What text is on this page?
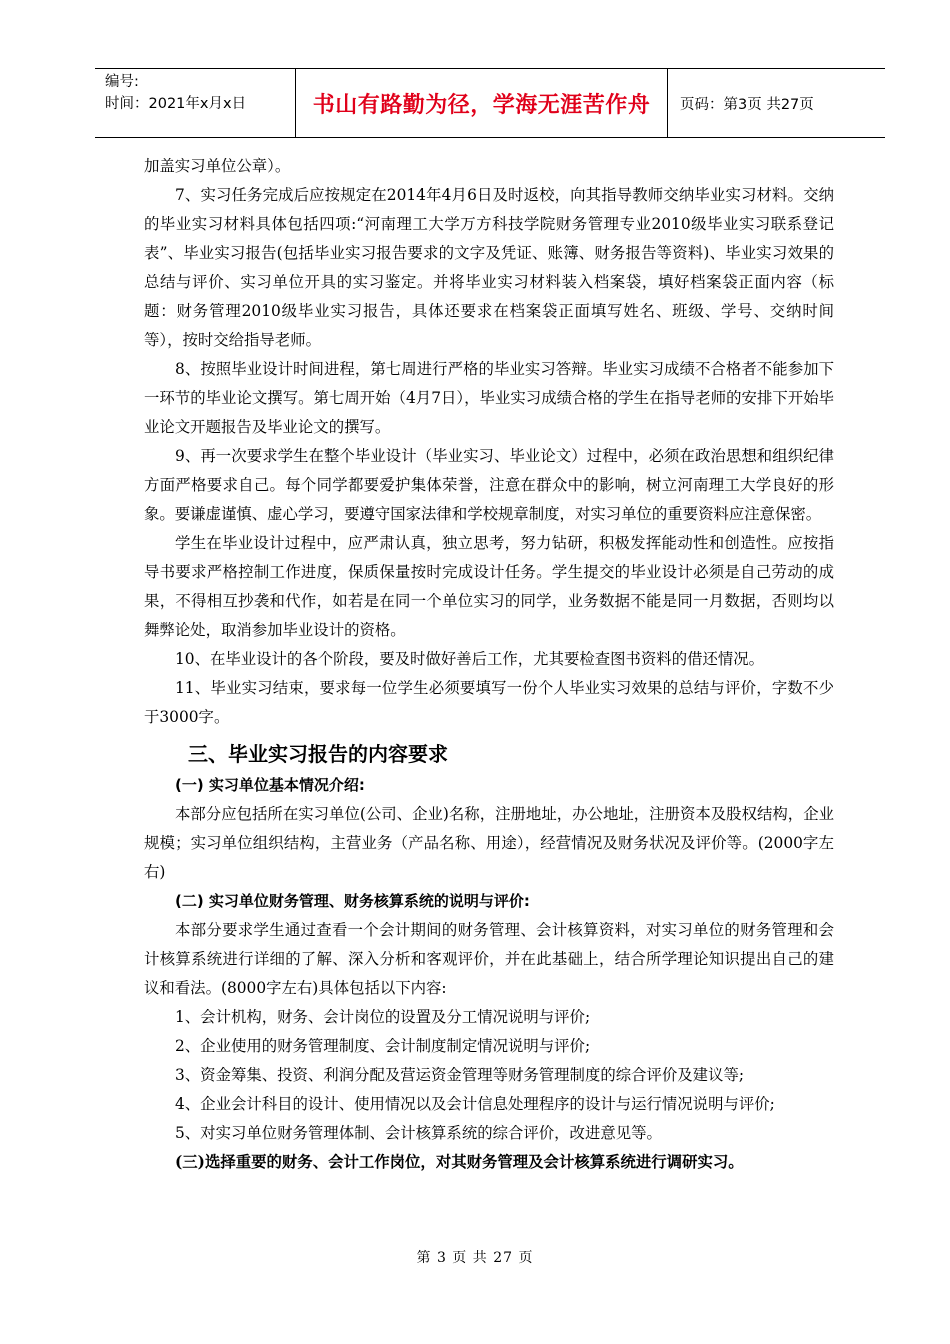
编号:
时间：2021年x月x日	书山有路勤为径，学海无涯苦作舟	页码：第3页 共27页

加盖实习单位公章）。

7、实习任务完成后应按规定在2014年4月6日及时返校，向其指导教师交纳毕业实习材料。交纳的毕业实习材料具体包括四项:“河南理工大学万方科技学院财务管理专业2010级毕业实习联系登记表”、毕业实习报告(包括毕业实习报告要求的文字及凭证、账簿、财务报告等资料)、毕业实习效果的总结与评价、实习单位开具的实习鉴定。并将毕业实习材料装入档案袋，填好档案袋正面内容（标题：财务管理2010级毕业实习报告，具体还要求在档案袋正面填写姓名、班级、学号、交纳时间等），按时交给指导老师。

8、按照毕业设计时间进程，第七周进行严格的毕业实习答辩。毕业实习成绩不合格者不能参加下一环节的毕业论文撰写。第七周开始（4月7日），毕业实习成绩合格的学生在指导老师的安排下开始毕业论文开题报告及毕业论文的撰写。

9、再一次要求学生在整个毕业设计（毕业实习、毕业论文）过程中，必须在政治思想和组织纪律方面严格要求自己。每个同学都要爱护集体荣誉，注意在群众中的影响，树立河南理工大学良好的形象。要谦虚谨慎、虚心学习，要遵守国家法律和学校规章制度，对实习单位的重要资料应注意保密。

学生在毕业设计过程中，应严肃认真，独立思考，努力钻研，积极发挥能动性和创造性。应按指导书要求严格控制工作进度，保质保量按时完成设计任务。学生提交的毕业设计必须是自己劳动的成果，不得相互抄袭和代作，如若是在同一个单位实习的同学，业务数据不能是同一月数据，否则均以舞弊论处，取消参加毕业设计的资格。

10、在毕业设计的各个阶段，要及时做好善后工作，尤其要检查图书资料的借还情况。

11、毕业实习结束，要求每一位学生必须要填写一份个人毕业实习效果的总结与评价，字数不少于3000字。

三、毕业实习报告的内容要求
(一) 实习单位基本情况介绍:

本部分应包括所在实习单位(公司、企业)名称，注册地址，办公地址，注册资本及股权结构，企业规模；实习单位组织结构，主营业务（产品名称、用途），经营情况及财务状况及评价等。(2000字左右)

(二) 实习单位财务管理、财务核算系统的说明与评价:

本部分要求学生通过查看一个会计期间的财务管理、会计核算资料，对实习单位的财务管理和会计核算系统进行详细的了解、深入分析和客观评价，并在此基础上，结合所学理论知识提出自己的建议和看法。(8000字左右)具体包括以下内容:

1、会计机构，财务、会计岗位的设置及分工情况说明与评价;

2、企业使用的财务管理制度、会计制度制定情况说明与评价;

3、资金筹集、投资、利润分配及营运资金管理等财务管理制度的综合评价及建议等;

4、企业会计科目的设计、使用情况以及会计信息处理程序的设计与运行情况说明与评价;

5、对实习单位财务管理体制、会计核算系统的综合评价，改进意见等。

(三)选择重要的财务、会计工作岗位，对其财务管理及会计核算系统进行调研实习。
第 3 页 共 27 页
